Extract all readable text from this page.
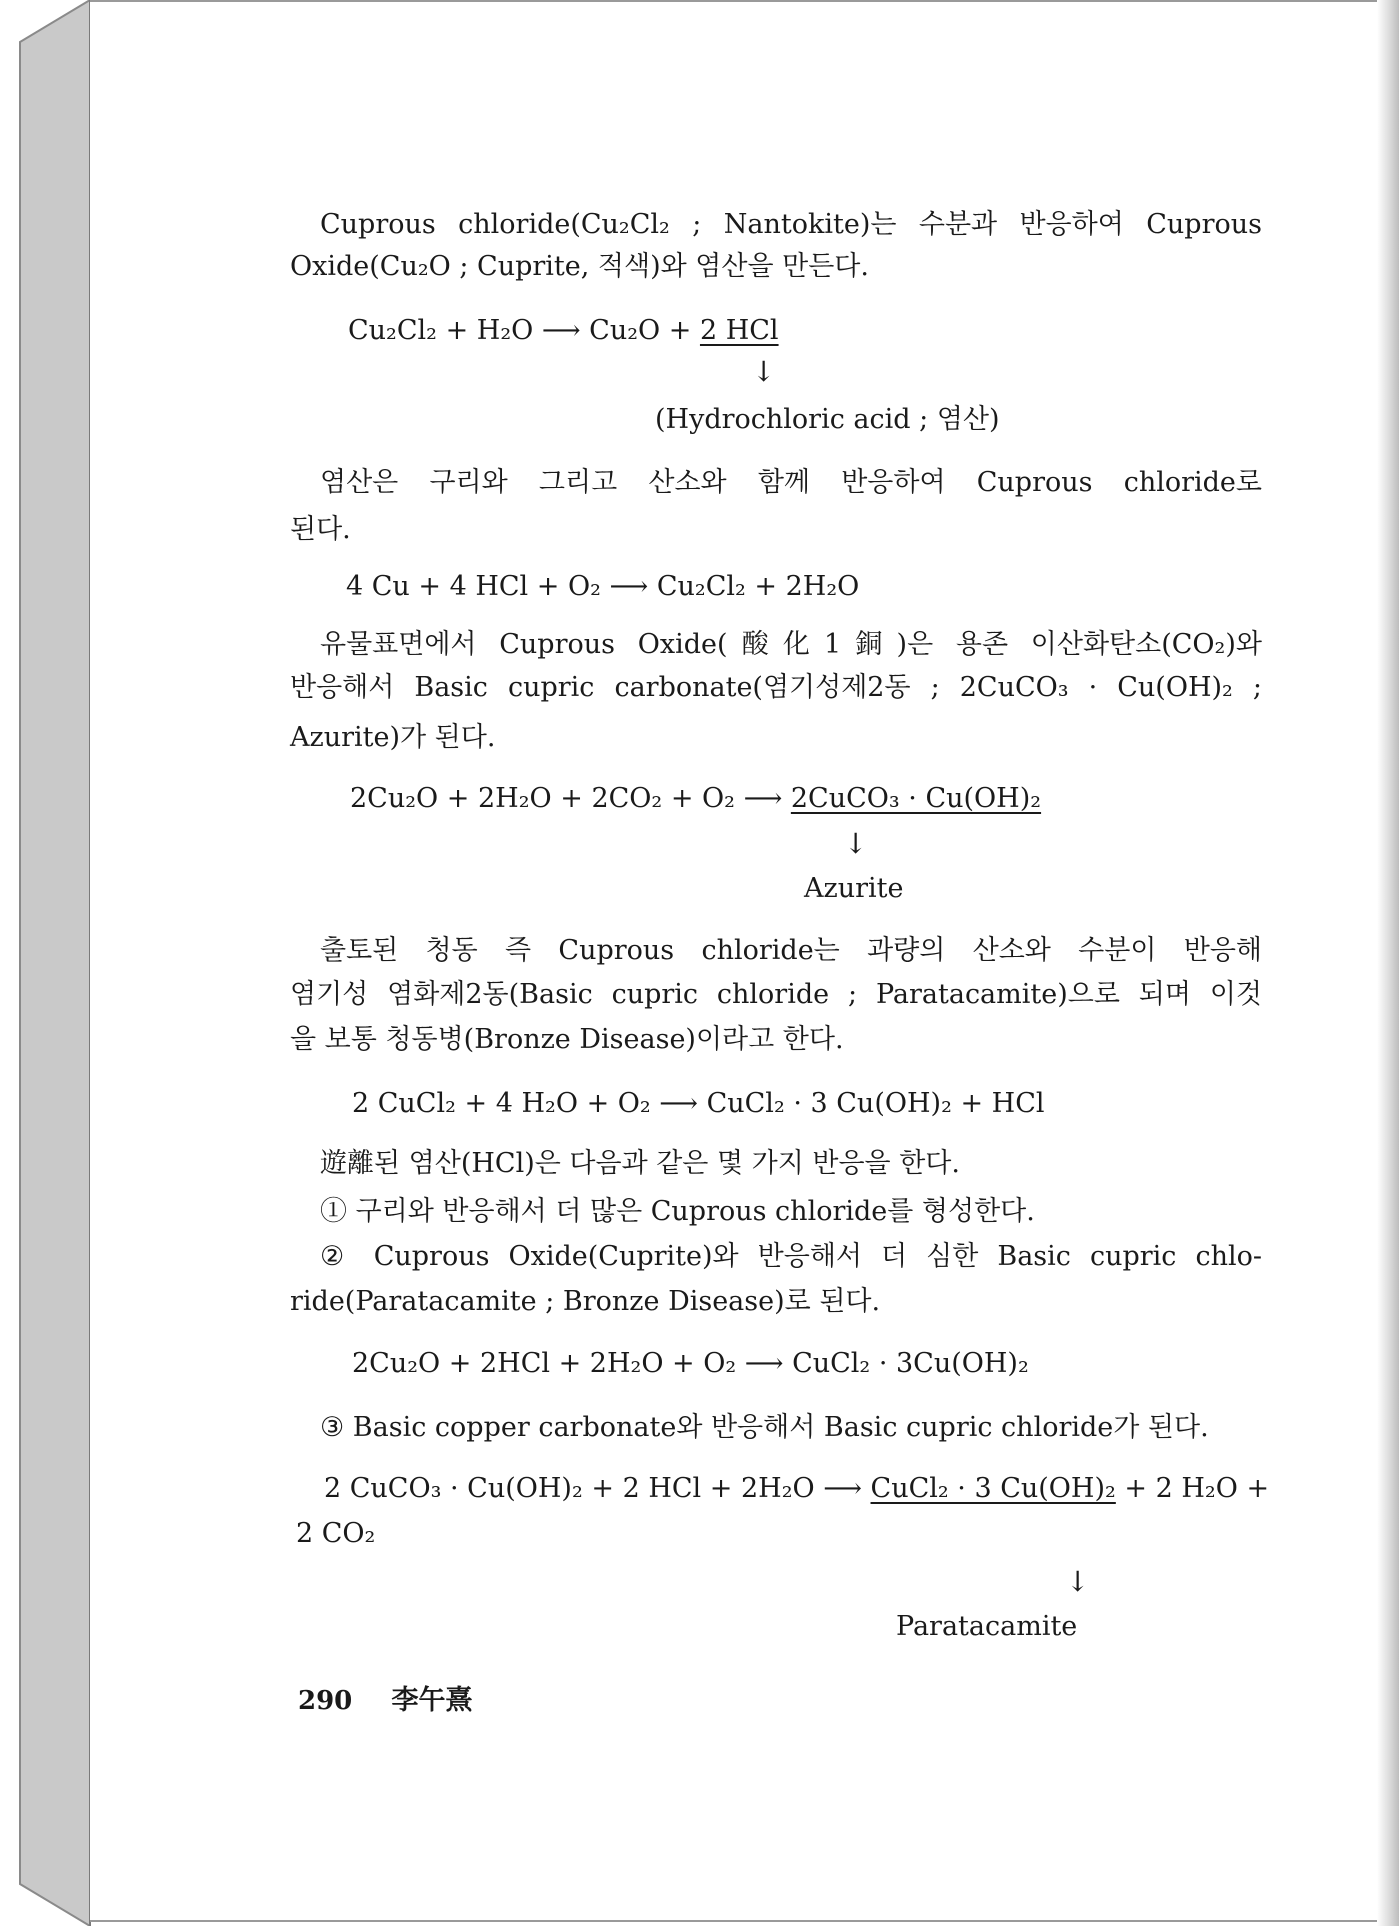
Cuprous chloride(Cu₂Cl₂ ; Nantokite)는 수분과 반응하여 Cuprous
Oxide(Cu₂O ; Cuprite, 적색)와 염산을 만든다.
Cu₂Cl₂ + H₂O ⟶ Cu₂O + 2 HCl
↓
(Hydrochloric acid ; 염산)
염산은 구리와 그리고 산소와 함께 반응하여 Cuprous chloride로
된다.
4 Cu + 4 HCl + O₂ ⟶ Cu₂Cl₂ + 2H₂O
유물표면에서 Cuprous Oxide(酸化1銅)은 용존 이산화탄소(CO₂)와
반응해서 Basic cupric carbonate(염기성제2동 ; 2CuCO₃ · Cu(OH)₂ ;
Azurite)가 된다.
2Cu₂O + 2H₂O + 2CO₂ + O₂ ⟶ 2CuCO₃ · Cu(OH)₂
↓
Azurite
출토된 청동 즉 Cuprous chloride는 과량의 산소와 수분이 반응해
염기성 염화제2동(Basic cupric chloride ; Paratacamite)으로 되며 이것
을 보통 청동병(Bronze Disease)이라고 한다.
2 CuCl₂ + 4 H₂O + O₂ ⟶ CuCl₂ · 3 Cu(OH)₂ + HCl
遊離된 염산(HCl)은 다음과 같은 몇 가지 반응을 한다.
① 구리와 반응해서 더 많은 Cuprous chloride를 형성한다.
② Cuprous Oxide(Cuprite)와 반응해서 더 심한 Basic cupric chlo-
ride(Paratacamite ; Bronze Disease)로 된다.
2Cu₂O + 2HCl + 2H₂O + O₂ ⟶ CuCl₂ · 3Cu(OH)₂
③ Basic copper carbonate와 반응해서 Basic cupric chloride가 된다.
2 CuCO₃ · Cu(OH)₂ + 2 HCl + 2H₂O ⟶ CuCl₂ · 3 Cu(OH)₂ + 2 H₂O +
2 CO₂
↓
Paratacamite
290 李午熹
